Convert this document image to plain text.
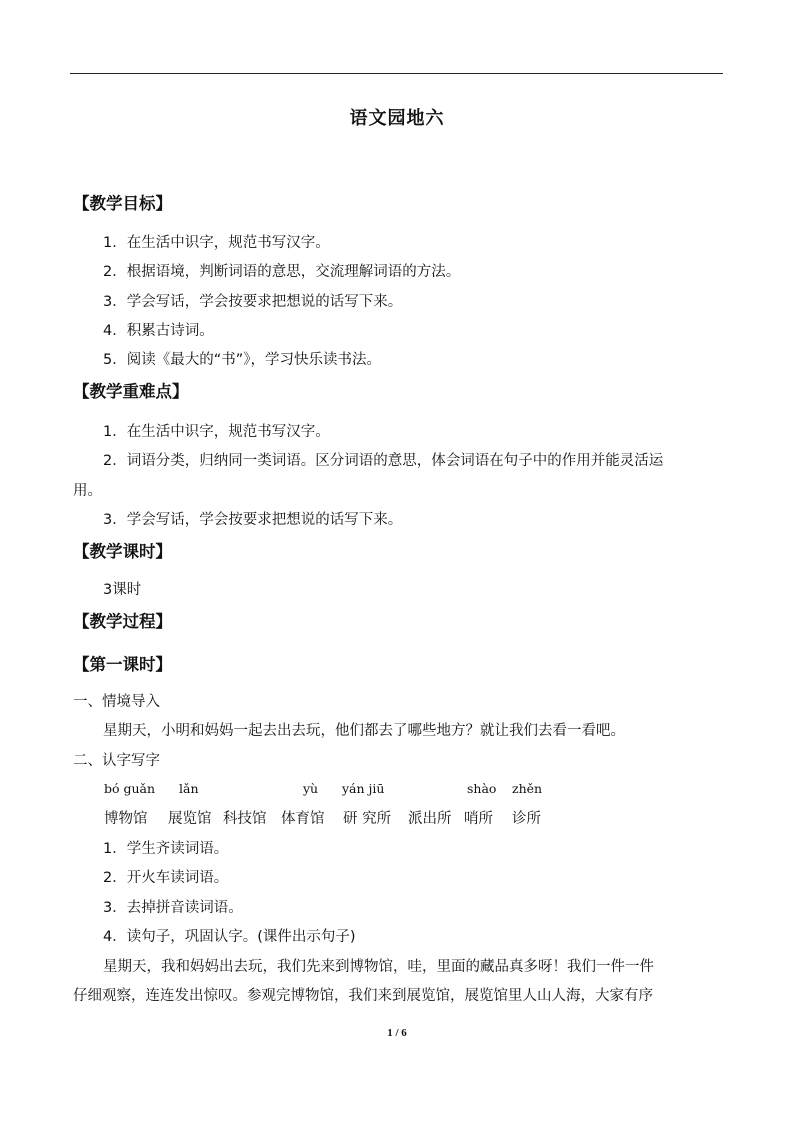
语文园地六
【教学目标】
1．在生活中识字，规范书写汉字。
2．根据语境，判断词语的意思，交流理解词语的方法。
3．学会写话，学会按要求把想说的话写下来。
4．积累古诗词。
5．阅读《最大的“书”》，学习快乐读书法。
【教学重难点】
1．在生活中识字，规范书写汉字。
2．词语分类，归纳同一类词语。区分词语的意思，体会词语在句子中的作用并能灵活运
用。
3．学会写话，学会按要求把想说的话写下来。
【教学课时】
3课时
【教学过程】
【第一课时】
一、情境导入
星期天，小明和妈妈一起去出去玩，他们都去了哪些地方？就让我们去看一看吧。
二、认字写字
bó guǎn lǎn	yù yán jiū	shào zhěn
博物馆 展览馆 科技馆 体育馆 研 究所 派出所 哨所 诊所
1．学生齐读词语。
2．开火车读词语。
3．去掉拼音读词语。
4．读句子，巩固认字。(课件出示句子)
星期天，我和妈妈出去玩，我们先来到博物馆，哇，里面的藏品真多呀！我们一件一件
仔细观察，连连发出惊叹。参观完博物馆，我们来到展览馆，展览馆里人山人海，大家有序
1 / 6
